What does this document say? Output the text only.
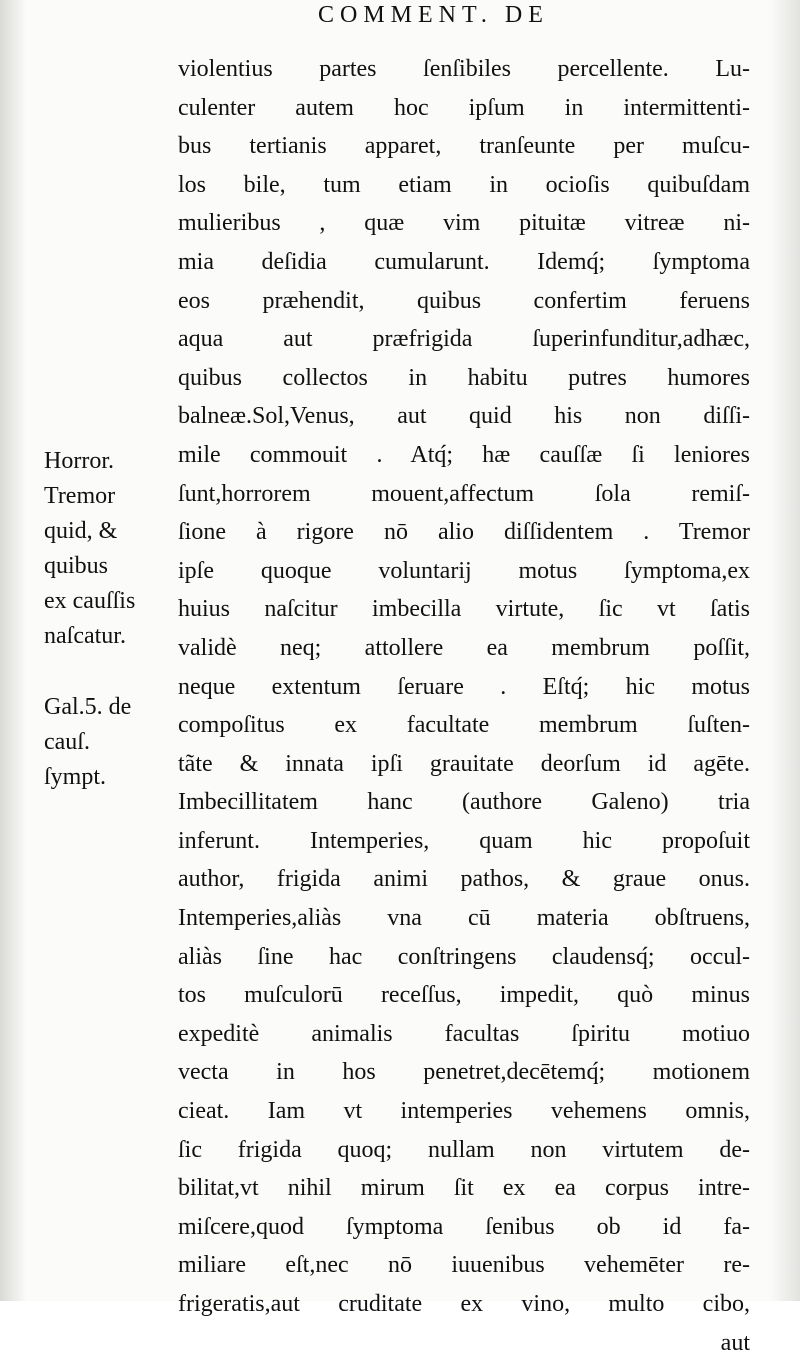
COMMENT. DE
Horror.
Tremor
quid, &
quibus
ex cauſſis
naſcatur.
Gal.5. de
cauſ.
ſympt.
violentius partes ſenſibiles percellente. Lu-
culenter autem hoc ipſum in intermittenti-
bus tertianis apparet, tranſeunte per muſcu-
los bile, tum etiam in ocioſis quibuſdam
mulieribus , quæ vim pituitæ vitreæ ni-
mia deſidia cumularunt. Idemq́; ſymptoma
eos præhendit, quibus confertim feruens
aqua aut præfrigida ſuperinfunditur,adhæc,
quibus collectos in habitu putres humores
balneæ.Sol,Venus, aut quid his non diſſi-
mile commouit . Atq́; hæ cauſſæ ſi leniores
ſunt,horrorem mouent,affectum ſola remiſ-
ſione à rigore nō alio diſſidentem . Tremor
ipſe quoque voluntarij motus ſymptoma,ex
huius naſcitur imbecilla virtute, ſic vt ſatis
validè neq; attollere ea membrum poſſit,
neque extentum ſeruare . Eſtq́; hic motus
compoſitus ex facultate membrum ſuſten-
tãte & innata ipſi grauitate deorſum id agēte.
Imbecillitatem hanc (authore Galeno) tria
inferunt. Intemperies, quam hic propoſuit
author, frigida animi pathos, & graue onus.
Intemperies,aliàs vna cū materia obſtruens,
aliàs ſine hac conſtringens claudensq́; occul-
tos muſculorū receſſus, impedit, quò minus
expeditè animalis facultas ſpiritu motiuo
vecta in hos penetret,decētemq́; motionem
cieat. Iam vt intemperies vehemens omnis,
ſic frigida quoq; nullam non virtutem de-
bilitat,vt nihil mirum ſit ex ea corpus intre-
miſcere,quod ſymptoma ſenibus ob id fa-
miliare eſt,nec nō iuuenibus vehemēter re-
frigeratis,aut cruditate ex vino, multo cibo,
aut
